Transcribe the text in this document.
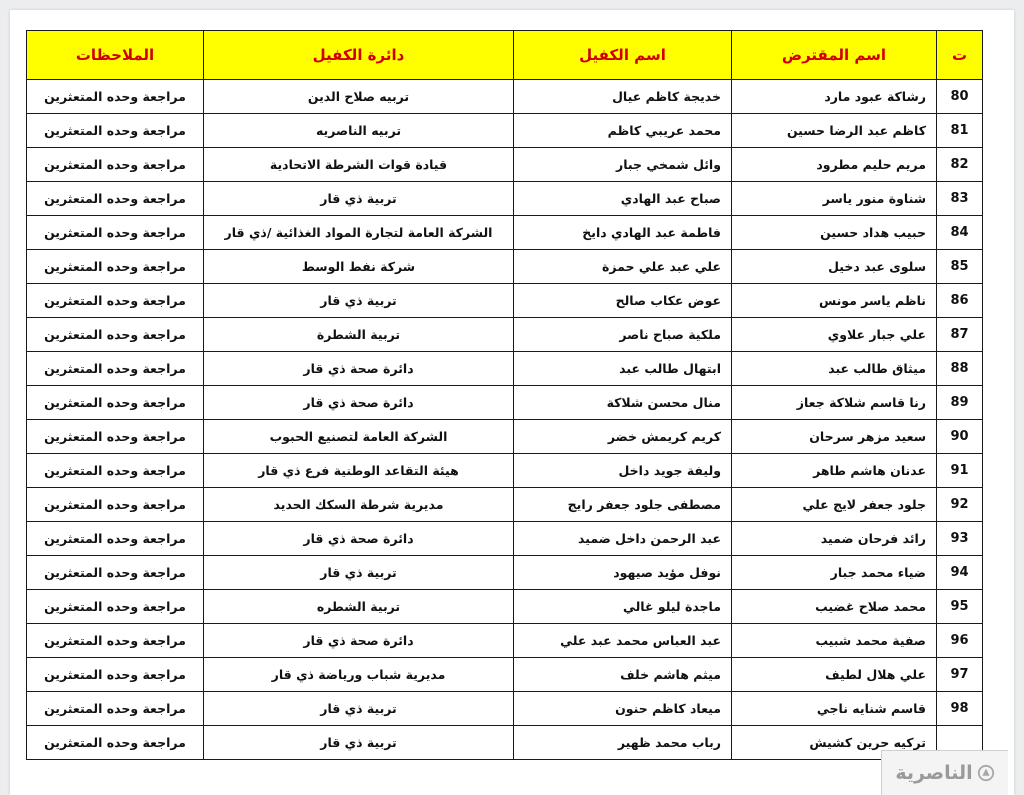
ت	اسم المقترض	اسم الكفيل	دائرة الكفيل	الملاحظات
80	رشاكة عبود مارد	خديجة كاظم عيال	تربيه صلاح الدين	مراجعة وحده المتعثرين
81	كاظم عبد الرضا حسين	محمد عريبي كاظم	تربيه الناصريه	مراجعة وحده المتعثرين
82	مريم حليم مطرود	وائل شمخي جبار	قيادة قوات الشرطة الاتحادية	مراجعة وحده المتعثرين
83	شناوة منور ياسر	صباح عبد الهادي	تربية ذي قار	مراجعة وحده المتعثرين
84	حبيب هداد حسين	فاطمة عبد الهادي دايخ	الشركة العامة لتجارة المواد الغذائية /ذي قار	مراجعة وحده المتعثرين
85	سلوى عبد دخيل	علي عبد علي حمزة	شركة نفط الوسط	مراجعة وحده المتعثرين
86	ناظم ياسر مونس	عوض عكاب صالح	تربية ذي قار	مراجعة وحده المتعثرين
87	علي جبار علاوي	ملكية صباح ناصر	تربية الشطرة	مراجعة وحده المتعثرين
88	ميثاق طالب عبد	ابتهال طالب عبد	دائرة صحة ذي قار	مراجعة وحده المتعثرين
89	رنا قاسم شلاكة جعاز	منال محسن شلاكة	دائرة صحة ذي قار	مراجعة وحده المتعثرين
90	سعيد مزهر سرحان	كريم كريمش خضر	الشركة العامة لتصنيع الحبوب	مراجعة وحده المتعثرين
91	عدنان هاشم طاهر	وليفة جويد داخل	هيئة التقاعد الوطنية فرع ذي قار	مراجعة وحده المتعثرين
92	جلود جعفر لايج علي	مصطفى جلود جعفر رايج	مديرية شرطة السكك الحديد	مراجعة وحده المتعثرين
93	رائد فرحان ضميد	عبد الرحمن داخل ضميد	دائرة صحة ذي قار	مراجعة وحده المتعثرين
94	ضياء محمد جبار	نوفل مؤيد صيهود	تربية ذي قار	مراجعة وحده المتعثرين
95	محمد صلاح غضيب	ماجدة ليلو غالي	تربية الشطره	مراجعة وحده المتعثرين
96	صفية محمد شبيب	عبد العباس محمد عبد علي	دائرة صحة ذي قار	مراجعة وحده المتعثرين
97	علي هلال لطيف	ميثم هاشم خلف	مديرية شباب ورياضة ذي قار	مراجعة وحده المتعثرين
98	قاسم شنايه ناجي	ميعاد كاظم حنون	تربية ذي قار	مراجعة وحده المتعثرين
	تركيه حرين كشيش	رباب محمد ظهير	تربية ذي قار	مراجعة وحده المتعثرين
الناصرية
